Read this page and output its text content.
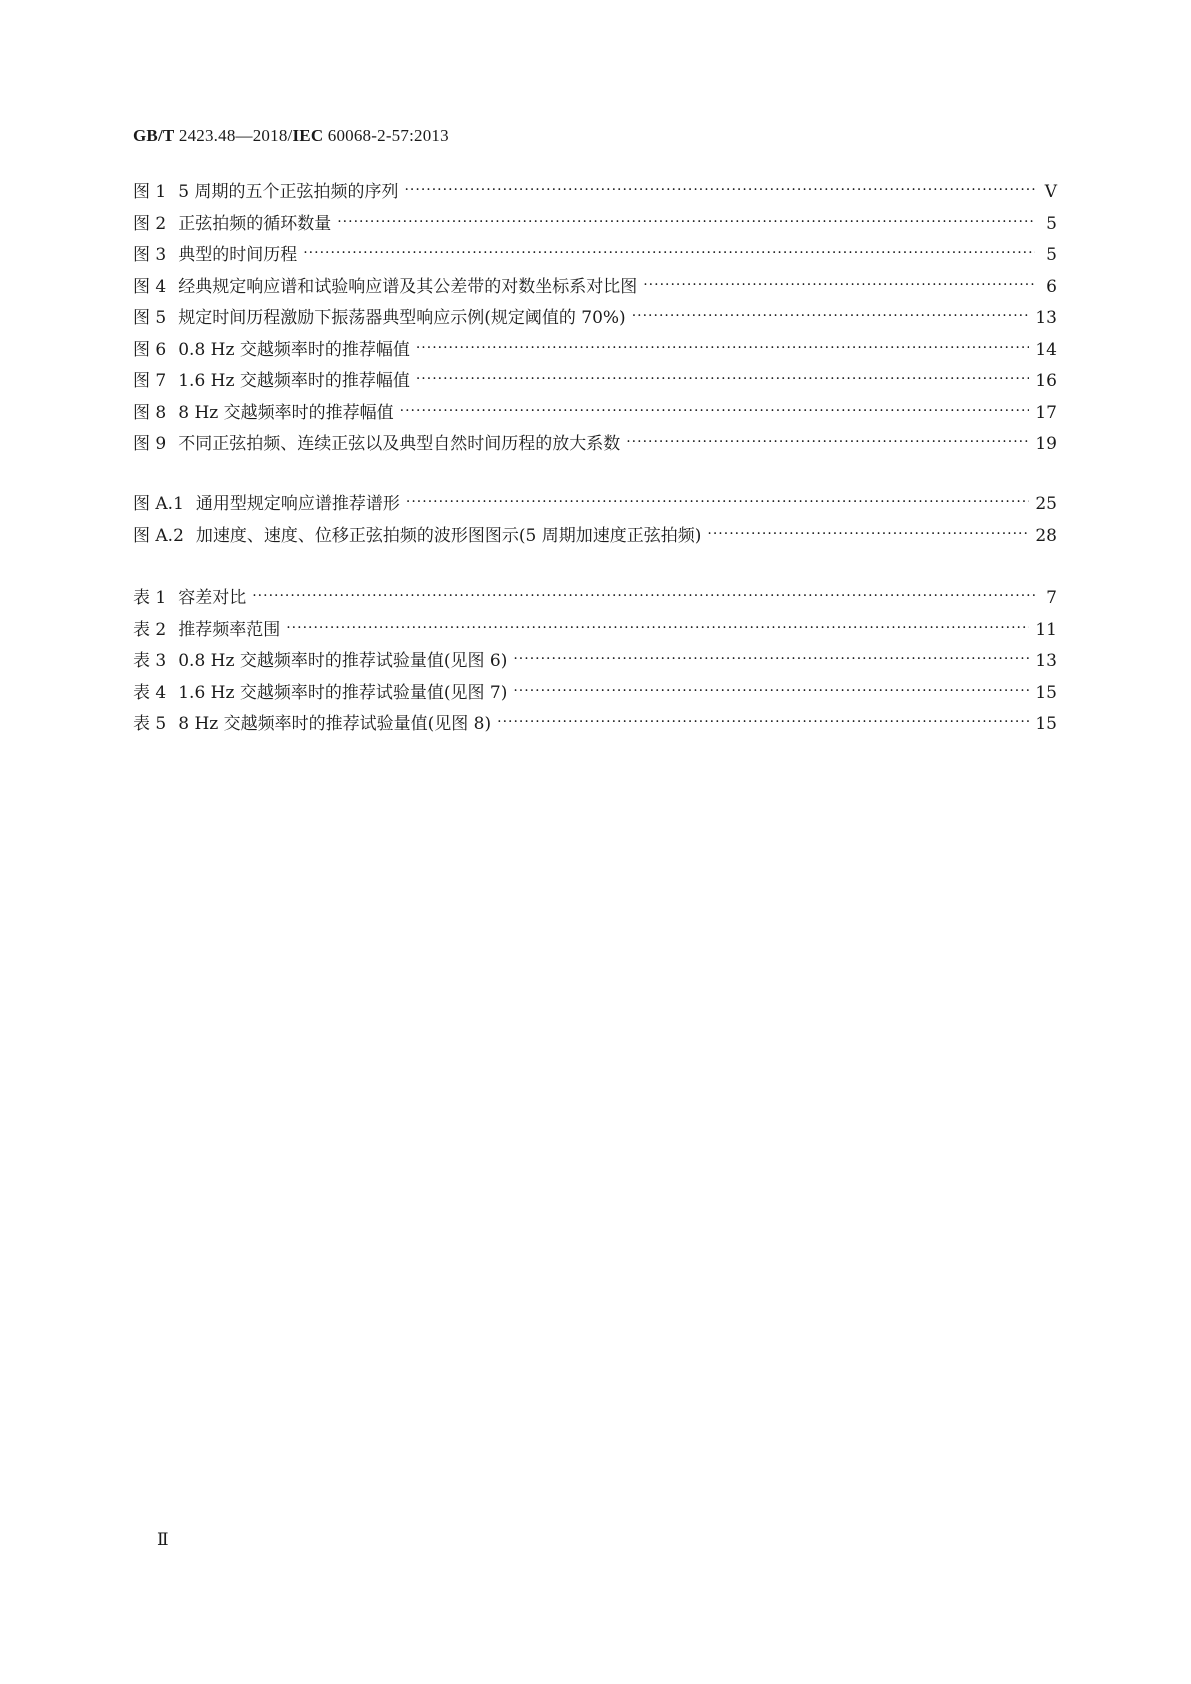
GB/T 2423.48—2018/IEC 60068-2-57:2013
图 1 5 周期的五个正弦拍频的序列 ·····	Ⅴ
图 2 正弦拍频的循环数量 ·····	5
图 3 典型的时间历程 ·····	5
图 4 经典规定响应谱和试验响应谱及其公差带的对数坐标系对比图 ·····	6
图 5 规定时间历程激励下振荡器典型响应示例(规定阈值的 70%) ·····	13
图 6 0.8 Hz 交越频率时的推荐幅值 ·····	14
图 7 1.6 Hz 交越频率时的推荐幅值 ·····	16
图 8 8 Hz 交越频率时的推荐幅值 ·····	17
图 9 不同正弦拍频、连续正弦以及典型自然时间历程的放大系数 ·····	19
图 A.1 通用型规定响应谱推荐谱形 ·····	25
图 A.2 加速度、速度、位移正弦拍频的波形图图示(5 周期加速度正弦拍频) ·····	28
表 1 容差对比 ·····	7
表 2 推荐频率范围 ·····	11
表 3 0.8 Hz 交越频率时的推荐试验量值(见图 6) ·····	13
表 4 1.6 Hz 交越频率时的推荐试验量值(见图 7) ·····	15
表 5 8 Hz 交越频率时的推荐试验量值(见图 8) ·····	15
Ⅱ
